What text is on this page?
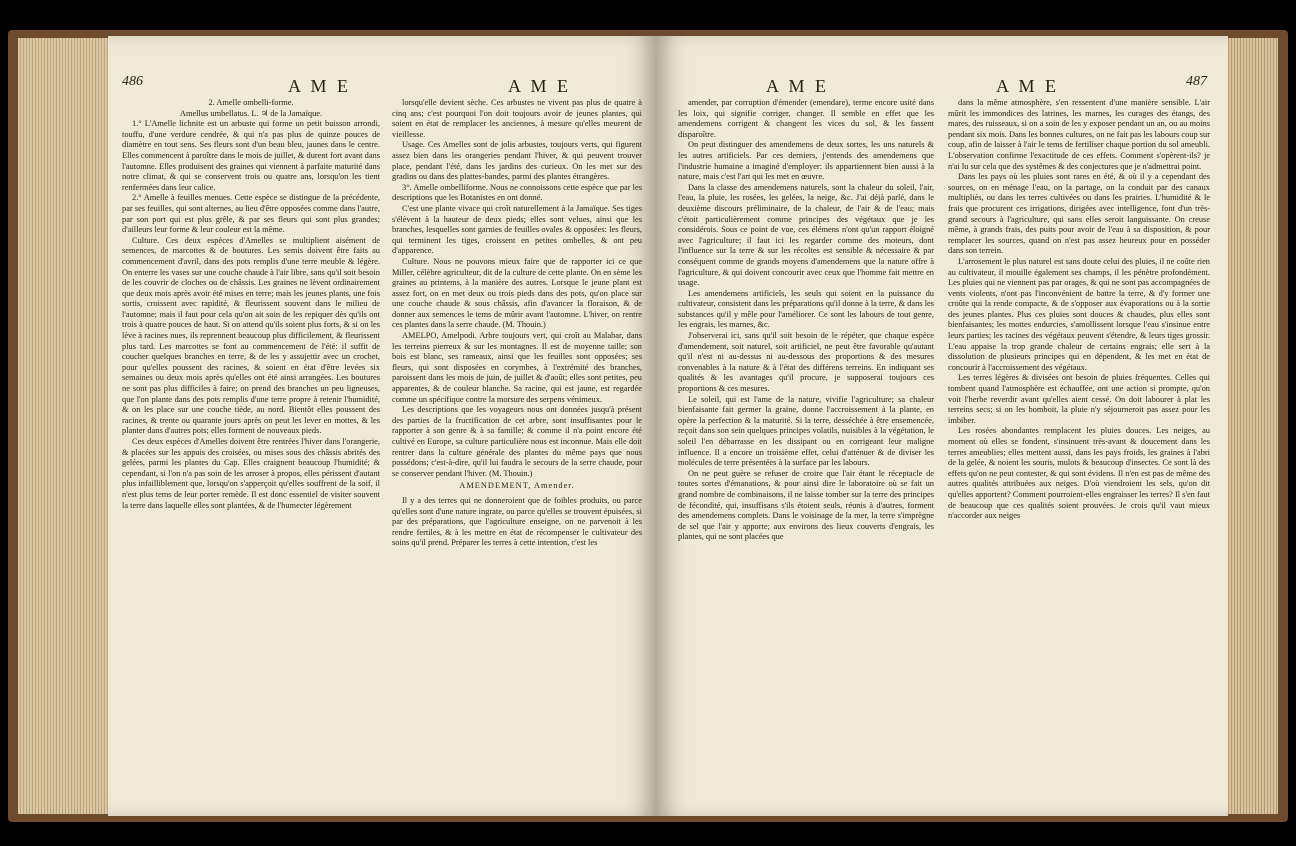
486	A M E	A M E

2. Amelle ombelli-forme.

Amellus umbellatus. L. ♃ de la Jamaïque.

1.° L'Amelle lichnite est un arbuste qui forme un petit buisson arrondi, touffu, d'une verdure cendrée, & qui n'a pas plus de quinze pouces de diamètre en tout sens. Ses fleurs sont d'un beau bleu, jaunes dans le centre. Elles commencent à paroître dans le mois de juillet, & durent fort avant dans l'automne. Elles produisent des graines qui viennent à parfaite maturité dans notre climat, & qui se conservent trois ou quatre ans, lorsqu'on les tient renfermées dans leur calice.

2.° Amelle à feuilles menues. Cette espèce se distingue de la précédente, par ses feuilles, qui sont alternes, au lieu d'être opposées comme dans l'autre, par son port qui est plus grêle, & par ses fleurs qui sont plus grandes; d'ailleurs leur forme & leur couleur est la même.

Culture. Ces deux espèces d'Amelles se multiplient aisément de semences, de marcottes & de boutures. Les semis doivent être faits au commencement d'avril, dans des pots remplis d'une terre meuble & légère. On enterre les vases sur une couche chaude à l'air libre, sans qu'il soit besoin de les couvrir de cloches ou de châssis. Les graines ne lèvent ordinairement que deux mois après avoir été mises en terre; mais les jeunes plants, une fois sortis, croissent avec rapidité, & fleurissent souvent dans le milieu de l'automne; mais il faut pour cela qu'on ait soin de les repiquer dès qu'ils ont trois à quatre pouces de haut. Si on attend qu'ils soient plus forts, & si on les lève à racines nues, ils reprennent beaucoup plus difficilement, & fleurissent plus tard. Les marcottes se font au commencement de l'été: il suffit de coucher quelques branches en terre, & de les y assujettir avec un crochet, pour qu'elles poussent des racines, & soient en état d'être levées six semaines ou deux mois après qu'elles ont été ainsi arrangées. Les boutures ne sont pas plus difficiles à faire; on prend des branches un peu ligneuses, que l'on plante dans des pots remplis d'une terre propre à retenir l'humidité, & on les place sur une couche tiède, au nord. Bientôt elles poussent des racines, & trente ou quarante jours après on peut les lever en mottes, & les planter dans d'autres pots; elles forment de nouveaux pieds.

Ces deux espèces d'Amelles doivent être rentrées l'hiver dans l'orangerie, & placées sur les appuis des croisées, ou mises sous des châssis abrités des gelées, parmi les plantes du Cap. Elles craignent beaucoup l'humidité; & cependant, si l'on n'a pas soin de les arroser à propos, elles périssent d'autant plus infailliblement que, lorsqu'on s'apperçoit qu'elles souffrent de la soif, il n'est plus tems de leur porter remède. Il est donc essentiel de visiter souvent la terre dans laquelle elles sont plantées, & de l'humecter légèrement

lorsqu'elle devient sèche. Ces arbustes ne vivent pas plus de quatre à cinq ans; c'est pourquoi l'on doit toujours avoir de jeunes plantes, qui soient en état de remplacer les anciennes, à mesure qu'elles meurent de vieillesse.

Usage. Ces Amelles sont de jolis arbustes, toujours verts, qui figurent assez bien dans les orangeries pendant l'hiver, & qui peuvent trouver place, pendant l'été, dans les jardins des curieux. On les met sur des gradins ou dans des plattes-bandes, parmi des plantes étrangères.

3°. Amelle ombelliforme. Nous ne connoissons cette espèce que par les descriptions que les Botanistes en ont donné.

C'est une plante vivace qui croît naturellement à la Jamaïque. Ses tiges s'élèvent à la hauteur de deux pieds; elles sont velues, ainsi que les branches, lesquelles sont garnies de feuilles ovales & opposées: les fleurs, qui terminent les tiges, croissent en petites ombelles, & ont peu d'apparence.

Culture. Nous ne pouvons mieux faire que de rapporter ici ce que Miller, célèbre agriculteur, dit de la culture de cette plante. On en sème les graines au printems, à la manière des autres. Lorsque le jeune plant est assez fort, on en met deux ou trois pieds dans des pots, qu'on place sur une couche chaude & sous châssis, afin d'avancer la floraison, & de donner aux semences le tems de mûrir avant l'automne. L'hiver, on rentre ces plantes dans la serre chaude. (M. Thouin.)

AMELPO, Amelpodi. Arbre toujours vert, qui croît au Malabar, dans les terreins pierreux & sur les montagnes. Il est de moyenne taille; son bois est blanc, ses rameaux, ainsi que les feuilles sont opposées; ses fleurs, qui sont disposées en corymbes, à l'extrémité des branches, paroissent dans les mois de juin, de juillet & d'août; elles sont petites, peu apparentes, & de couleur blanche. Sa racine, qui est jaune, est regardée comme un spécifique contre la morsure des serpens vénimeux.

Les descriptions que les voyageurs nous ont données jusqu'à présent des parties de la fructification de cet arbre, sont insuffisantes pour le rapporter à son genre & à sa famille; & comme il n'a point encore été cultivé en Europe, sa culture particulière nous est inconnue. Mais elle doit rentrer dans la culture générale des plantes du même pays que nous possédons; c'est-à-dire, qu'il lui faudra le secours de la serre chaude, pour se conserver pendant l'hiver. (M. Thouin.)

AMENDEMENT, Amender.

Il y a des terres qui ne donneroient que de foibles produits, ou parce qu'elles sont d'une nature ingrate, ou parce qu'elles se trouvent épuisées, si par des préparations, que l'agriculture enseigne, on ne parvenoit à les rendre fertiles, & à les mettre en état de récompenser le cultivateur des soins qu'il prend. Préparer les terres à cette intention, c'est les

A M E	A M E	487

amender, par corruption d'émender (emendare), terme encore usité dans les loix, qui signifie corriger, changer. Il semble en effet que les amendemens corrigent & changent les vices du sol, & les fassent disparoître.

On peut distinguer des amendemens de deux sortes, les uns naturels & les autres artificiels. Par ces derniers, j'entends des amendemens que l'industrie humaine a imaginé d'employer: ils appartiennent bien aussi à la nature, mais c'est l'art qui les met en œuvre.

Dans la classe des amendemens naturels, sont la chaleur du soleil, l'air, l'eau, la pluie, les rosées, les gelées, la neige, &c. J'ai déjà parlé, dans le deuxième discours préliminaire, de la chaleur, de l'air & de l'eau; mais c'étoit particulièrement comme principes des végétaux que je les considérois. Sous ce point de vue, ces élémens n'ont qu'un rapport éloigné avec l'agriculture; il faut ici les regarder comme des moteurs, dont l'influence sur la terre & sur les récoltes est sensible & nécessaire & par conséquent comme de grands moyens d'amendemens que la nature offre à l'agriculture, & qui doivent concourir avec ceux que l'homme fait mettre en usage.

Les amendemens artificiels, les seuls qui soient en la puissance du cultivateur, consistent dans les préparations qu'il donne à la terre, & dans les substances qu'il y mêle pour l'améliorer. Ce sont les labours de tout genre, les engrais, les marnes, &c.

J'observerai ici, sans qu'il soit besoin de le répéter, que chaque espèce d'amendement, soit naturel, soit artificiel, ne peut être favorable qu'autant qu'il n'est ni au-dessus ni au-dessous des proportions & des mesures convenables à la nature & à l'état des différens terreins. En indiquant ses qualités & les avantages qu'il procure, je supposerai toujours ces proportions & ces mesures.

Le soleil, qui est l'ame de la nature, vivifie l'agriculture; sa chaleur bienfaisante fait germer la graine, donne l'accroissement à la plante, en opère la perfection & la maturité. Si la terre, desséchée à être ensemencée, reçoit dans son sein quelques principes volatils, nuisibles à la végétation, le soleil l'en débarrasse en les dissipant ou en corrigeant leur maligne influence. Il a encore un troisième effet, celui d'atténuer & de diviser les molécules de terre présentées à la surface par les labours.

On ne peut guère se refuser de croire que l'air étant le réceptacle de toutes sortes d'émanations, & pour ainsi dire le laboratoire où se fait un grand nombre de combinaisons, il ne laisse tomber sur la terre des principes de fécondité, qui, insuffisans s'ils étoient seuls, réunis à d'autres, forment des amendemens complets. Dans le voisinage de la mer, la terre s'imprègne de sel que l'air y apporte; aux environs des lieux couverts d'engrais, les plantes, qui ne sont placées que

dans la même atmosphère, s'en ressentent d'une manière sensible. L'air mûrit les immondices des latrines, les marnes, les curages des étangs, des mares, des ruisseaux, si on a soin de les y exposer pendant un an, ou au moins pendant six mois. Dans les bonnes cultures, on ne fait pas les labours coup sur coup, afin de laisser à l'air le tems de fertiliser chaque portion du sol ameubli. L'observation confirme l'exactitude de ces effets. Comment s'opèrent-ils? je n'ai lu sur cela que des systêmes & des conjectures que je n'admettrai point.

Dans les pays où les pluies sont rares en été, & où il y a cependant des sources, on en ménage l'eau, on la partage, on la conduit par des canaux multipliés, ou dans les terres cultivées ou dans les prairies. L'humidité & le frais que procurent ces irrigations, dirigées avec intelligence, font d'un très-grand secours à l'agriculture, qui sans elles seroit languissante. On creuse même, à grands frais, des puits pour avoir de l'eau à sa disposition, & pour remplacer les sources, quand on n'est pas assez heureux pour en posséder dans son terrein.

L'arrosement le plus naturel est sans doute celui des pluies, il ne coûte rien au cultivateur, il mouille également ses champs, il les pénètre profondément. Les pluies qui ne viennent pas par orages, & qui ne sont pas accompagnées de vents violents, n'ont pas l'inconvénient de battre la terre, & d'y former une croûte qui la rende compacte, & de s'opposer aux évaporations ou à la sortie des jeunes plantes. Plus ces pluies sont douces & chaudes, plus elles sont bienfaisantes; les mottes endurcies, s'amollissent lorsque l'eau s'insinue entre leurs parties; les racines des végétaux peuvent s'étendre, & leurs tiges grossir. L'eau appaise la trop grande chaleur de certains engrais; elle sert à la dissolution de plusieurs principes qui en dépendent, & les met en état de concourir à l'accroissement des végétaux.

Les terres légères & divisées ont besoin de pluies fréquentes. Celles qui tombent quand l'atmosphère est échauffée, ont une action si prompte, qu'on voit l'herbe reverdir avant qu'elles aient cessé. On doit labourer à plat les terreins secs; si on les bomboit, la pluie n'y séjourneroit pas assez pour les imbiber.

Les rosées abondantes remplacent les pluies douces. Les neiges, au moment où elles se fondent, s'insinuent très-avant & doucement dans les terres ameublies; elles mettent aussi, dans les pays froids, les graines à l'abri de la gelée, & noient les souris, mulots & beaucoup d'insectes. Ce sont là des effets qu'on ne peut contester, & qui sont évidens. Il n'en est pas de même des autres qualités attribuées aux neiges. D'où viendroient les sels, qu'on dit qu'elles apportent? Comment pourroient-elles engraisser les terres? Il s'en faut de beaucoup que ces qualités soient prouvées. Je crois qu'il vaut mieux n'accorder aux neiges
